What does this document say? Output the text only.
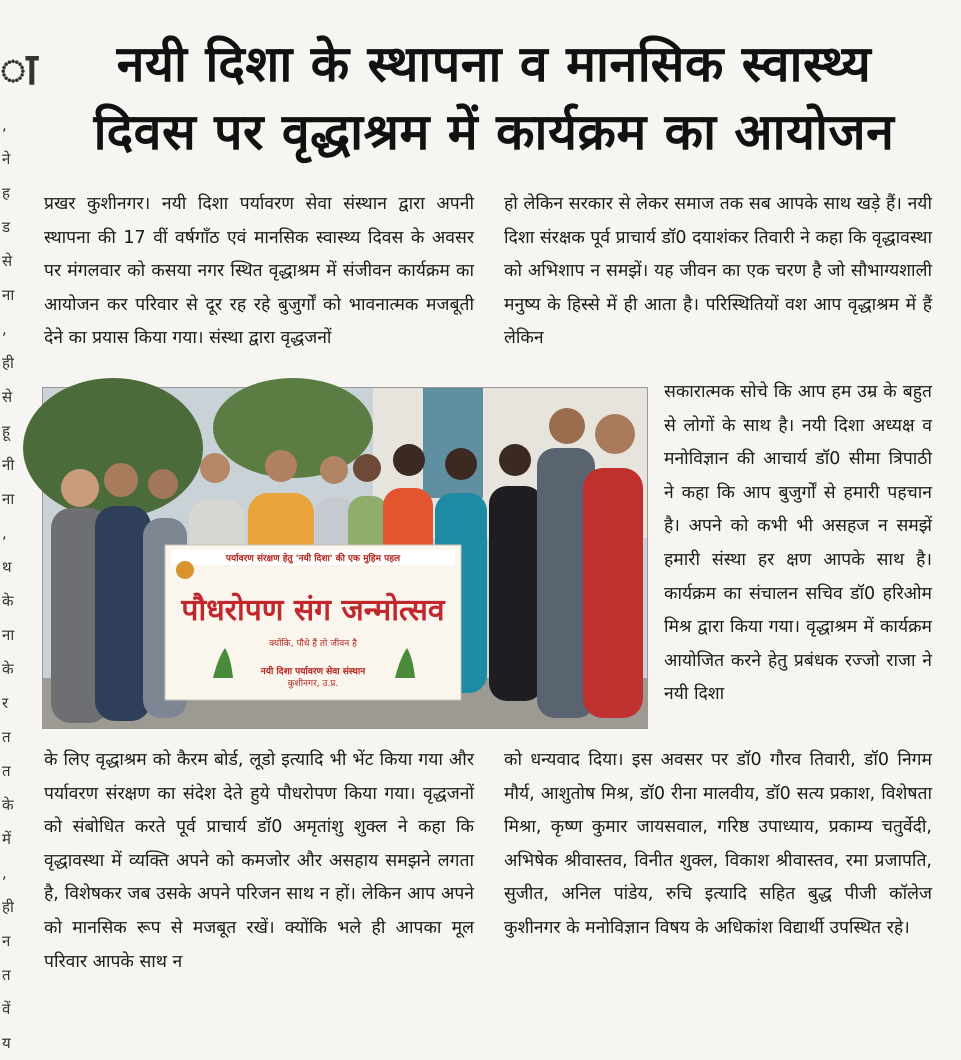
ा
,
ने
ह
ड
से
ना
,
ही
से
हू
नी
ना
,
थ
के
ना
के
र
त
त
के
में
,
ही
न
त
वें
य
नयी दिशा के स्थापना व मानसिक स्वास्थ्य
दिवस पर वृद्धाश्रम में कार्यक्रम का आयोजन

प्रखर कुशीनगर। नयी दिशा पर्यावरण सेवा संस्थान द्वारा अपनी स्थापना की 17 वीं वर्षगाँठ एवं मानसिक स्वास्थ्य दिवस के अवसर पर मंगलवार को कसया नगर स्थित वृद्धाश्रम में संजीवन कार्यक्रम का आयोजन कर परिवार से दूर रह रहे बुजुर्गों को भावनात्मक मजबूती देने का प्रयास किया गया। संस्था द्वारा वृद्धजनों

हो लेकिन सरकार से लेकर समाज तक सब आपके साथ खड़े हैं। नयी दिशा संरक्षक पूर्व प्राचार्य डॉ0 दयाशंकर तिवारी ने कहा कि वृद्धावस्था को अभिशाप न समझें। यह जीवन का एक चरण है जो सौभाग्यशाली मनुष्य के हिस्से में ही आता है। परिस्थितियों वश आप वृद्धाश्रम में हैं लेकिन

सकारात्मक सोचे कि आप हम उम्र के बहुत से लोगों के साथ है। नयी दिशा अध्यक्ष व मनोविज्ञान की आचार्य डॉ0 सीमा त्रिपाठी ने कहा कि आप बुजुर्गों से हमारी पहचान है। अपने को कभी भी असहज न समझें हमारी संस्था हर क्षण आपके साथ है। कार्यक्रम का संचालन सचिव डॉ0 हरिओम मिश्र द्वारा किया गया। वृद्धाश्रम में कार्यक्रम आयोजित करने हेतु प्रबंधक रज्जो राजा ने नयी दिशा

के लिए वृद्धाश्रम को कैरम बोर्ड, लूडो इत्यादि भी भेंट किया गया और पर्यावरण संरक्षण का संदेश देते हुये पौधरोपण किया गया। वृद्धजनों को संबोधित करते पूर्व प्राचार्य डॉ0 अमृतांशु शुक्ल ने कहा कि वृद्धावस्था में व्यक्ति अपने को कमजोर और असहाय समझने लगता है, विशेषकर जब उसके अपने परिजन साथ न हों। लेकिन आप अपने को मानसिक रूप से मजबूत रखें। क्योंकि भले ही आपका मूल परिवार आपके साथ न

को धन्यवाद दिया। इस अवसर पर डॉ0 गौरव तिवारी, डॉ0 निगम मौर्य, आशुतोष मिश्र, डॉ0 रीना मालवीय, डॉ0 सत्य प्रकाश, विशेषता मिश्रा, कृष्ण कुमार जायसवाल, गरिष्ठ उपाध्याय, प्रकाम्य चतुर्वेदी, अभिषेक श्रीवास्तव, विनीत शुक्ल, विकाश श्रीवास्तव, रमा प्रजापति, सुजीत, अनिल पांडेय, रुचि इत्यादि सहित बुद्ध पीजी कॉलेज कुशीनगर के मनोविज्ञान विषय के अधिकांश विद्यार्थी उपस्थित रहे।

पर्यावरण संरक्षण हेतु 'नयी दिशा' की एक मुहिम पहल
पौधरोपण संग जन्मोत्सव
क्योंकि, पौधे हैं तो जीवन है
नयी दिशा पर्यावरण सेवा संस्थान
कुशीनगर, उ.प्र.
